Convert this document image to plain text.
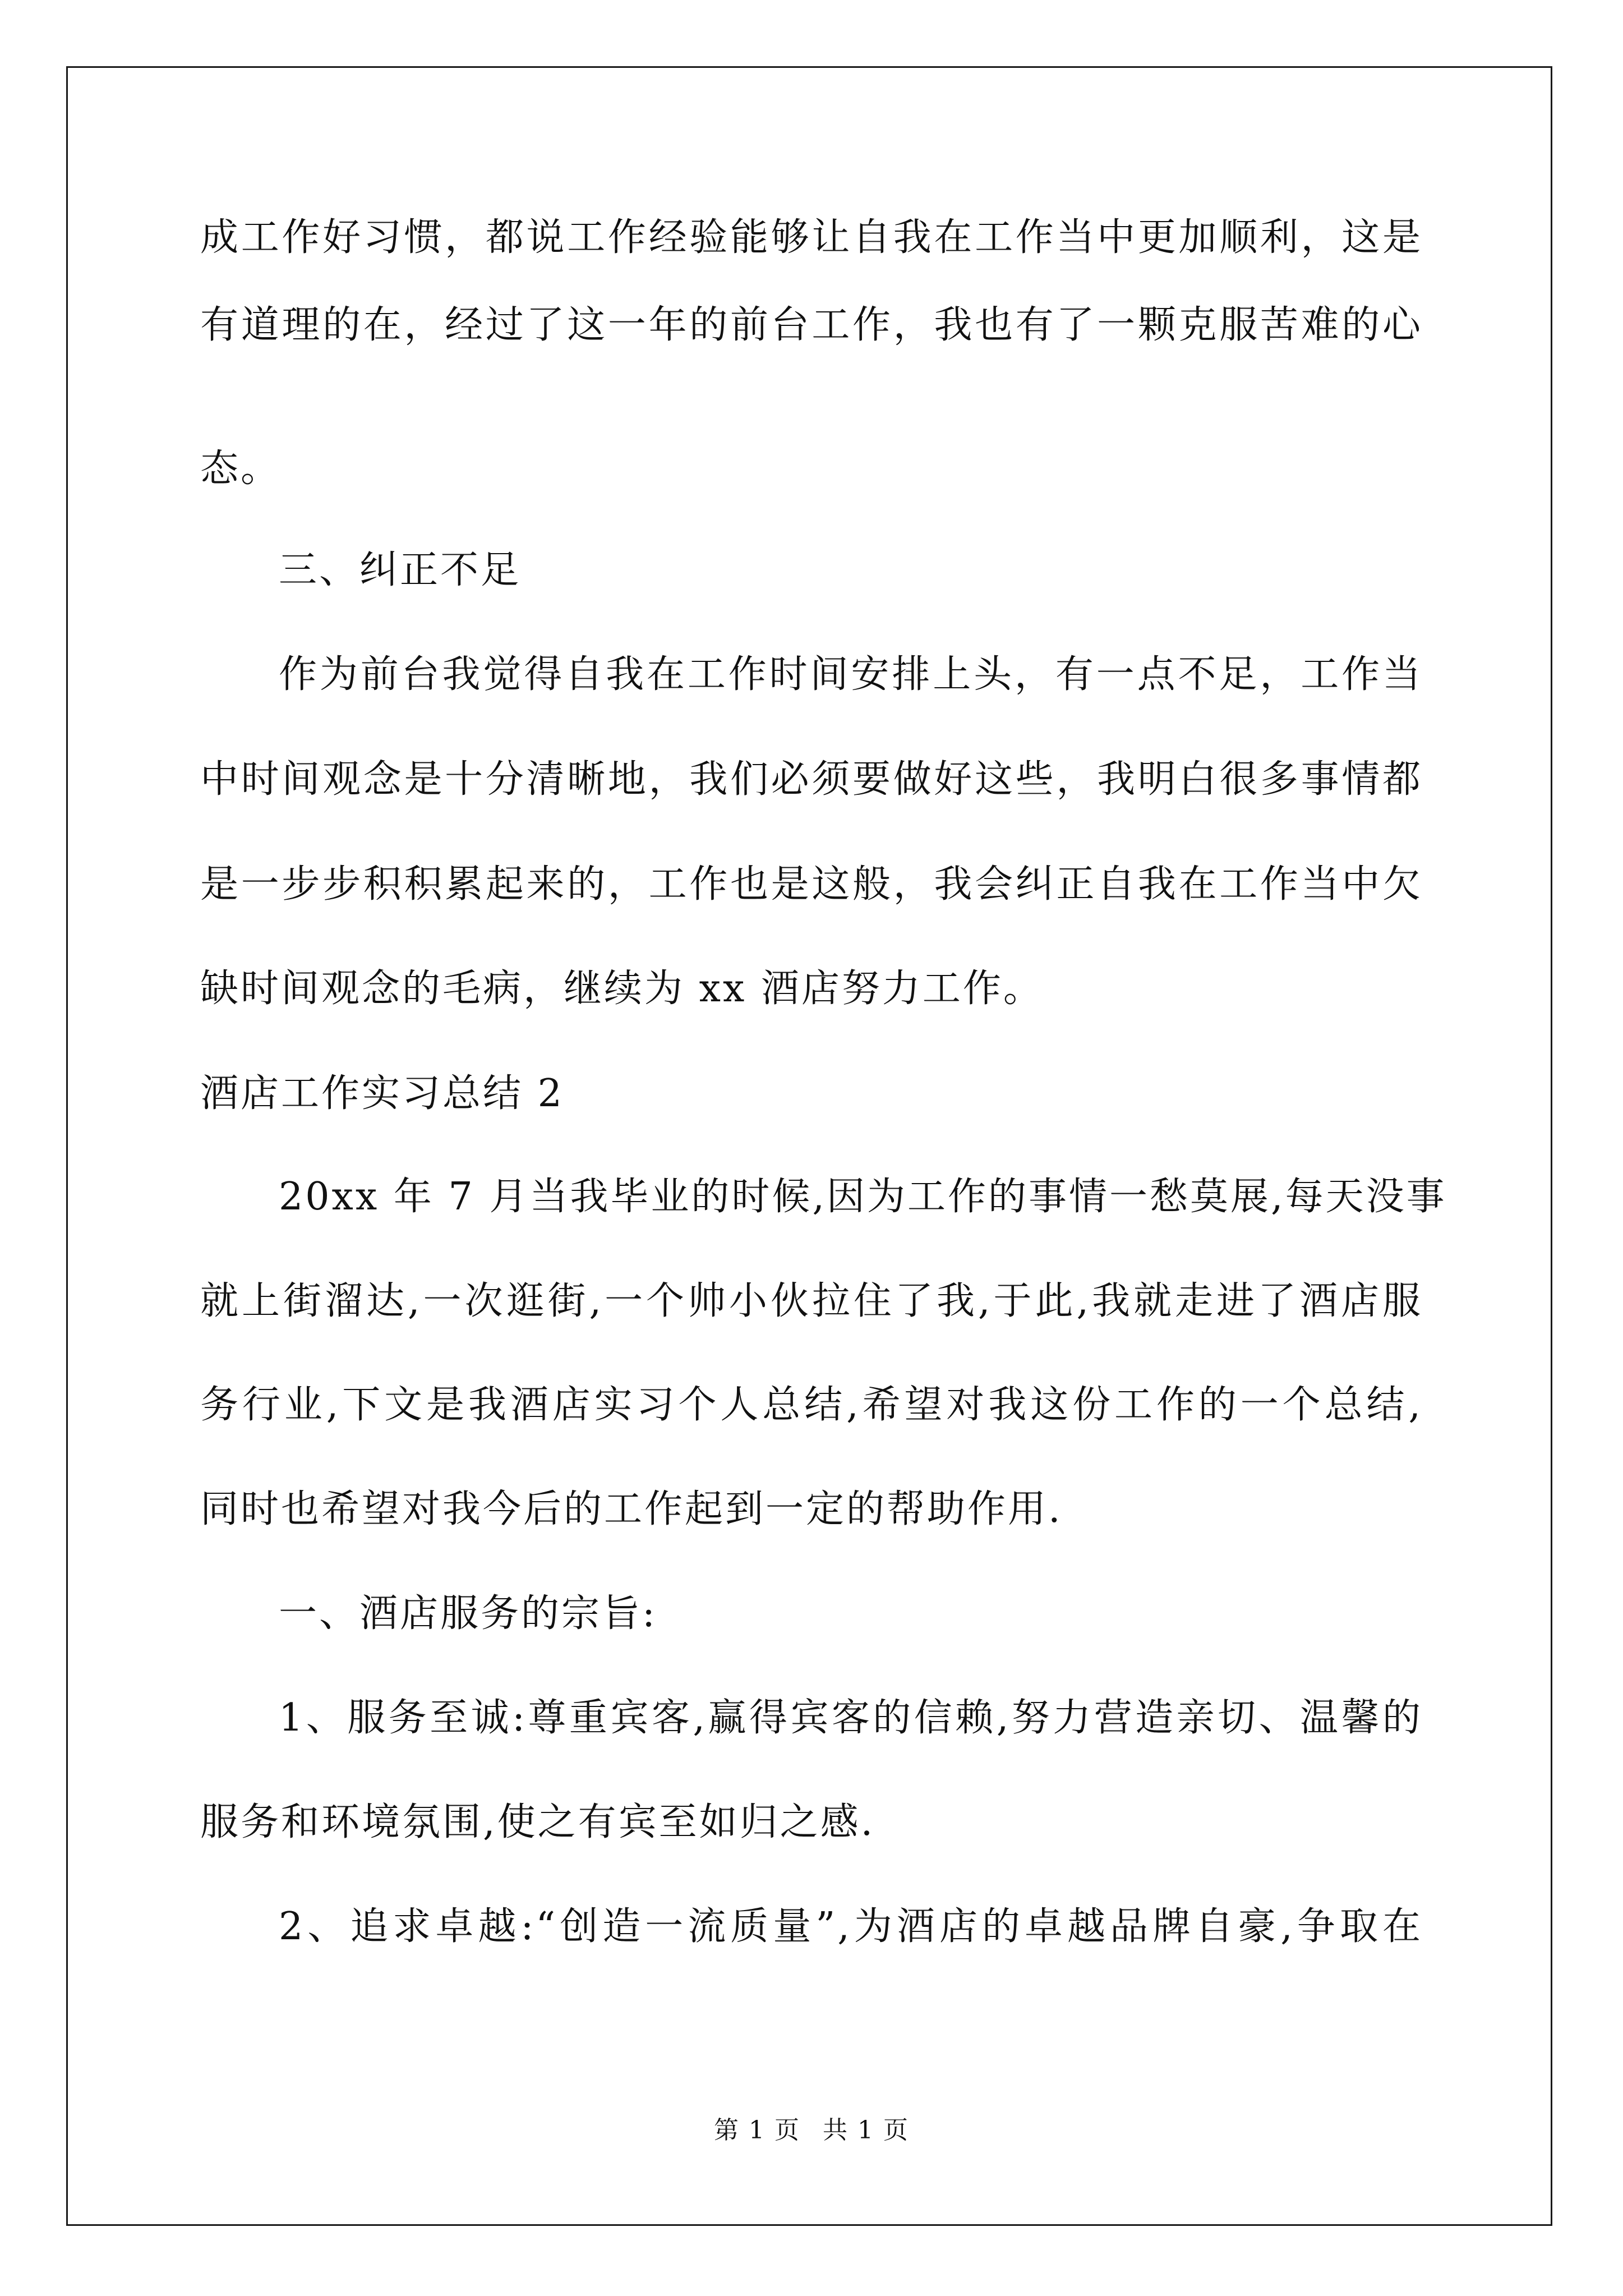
成工作好习惯，都说工作经验能够让自我在工作当中更加顺利，这是
有道理的在，经过了这一年的前台工作，我也有了一颗克服苦难的心
态。
三、纠正不足
作为前台我觉得自我在工作时间安排上头，有一点不足，工作当
中时间观念是十分清晰地，我们必须要做好这些，我明白很多事情都
是一步步积积累起来的，工作也是这般，我会纠正自我在工作当中欠
缺时间观念的毛病，继续为 xx 酒店努力工作。
酒店工作实习总结 2
20xx 年 7 月当我毕业的时候,因为工作的事情一愁莫展,每天没事
就上街溜达,一次逛街,一个帅小伙拉住了我,于此,我就走进了酒店服
务行业,下文是我酒店实习个人总结,希望对我这份工作的一个总结,
同时也希望对我今后的工作起到一定的帮助作用.
一、酒店服务的宗旨:
1、服务至诚:尊重宾客,赢得宾客的信赖,努力营造亲切、温馨的
服务和环境氛围,使之有宾至如归之感.
2、追求卓越:“创造一流质量”,为酒店的卓越品牌自豪,争取在
第 1 页 共 1 页
